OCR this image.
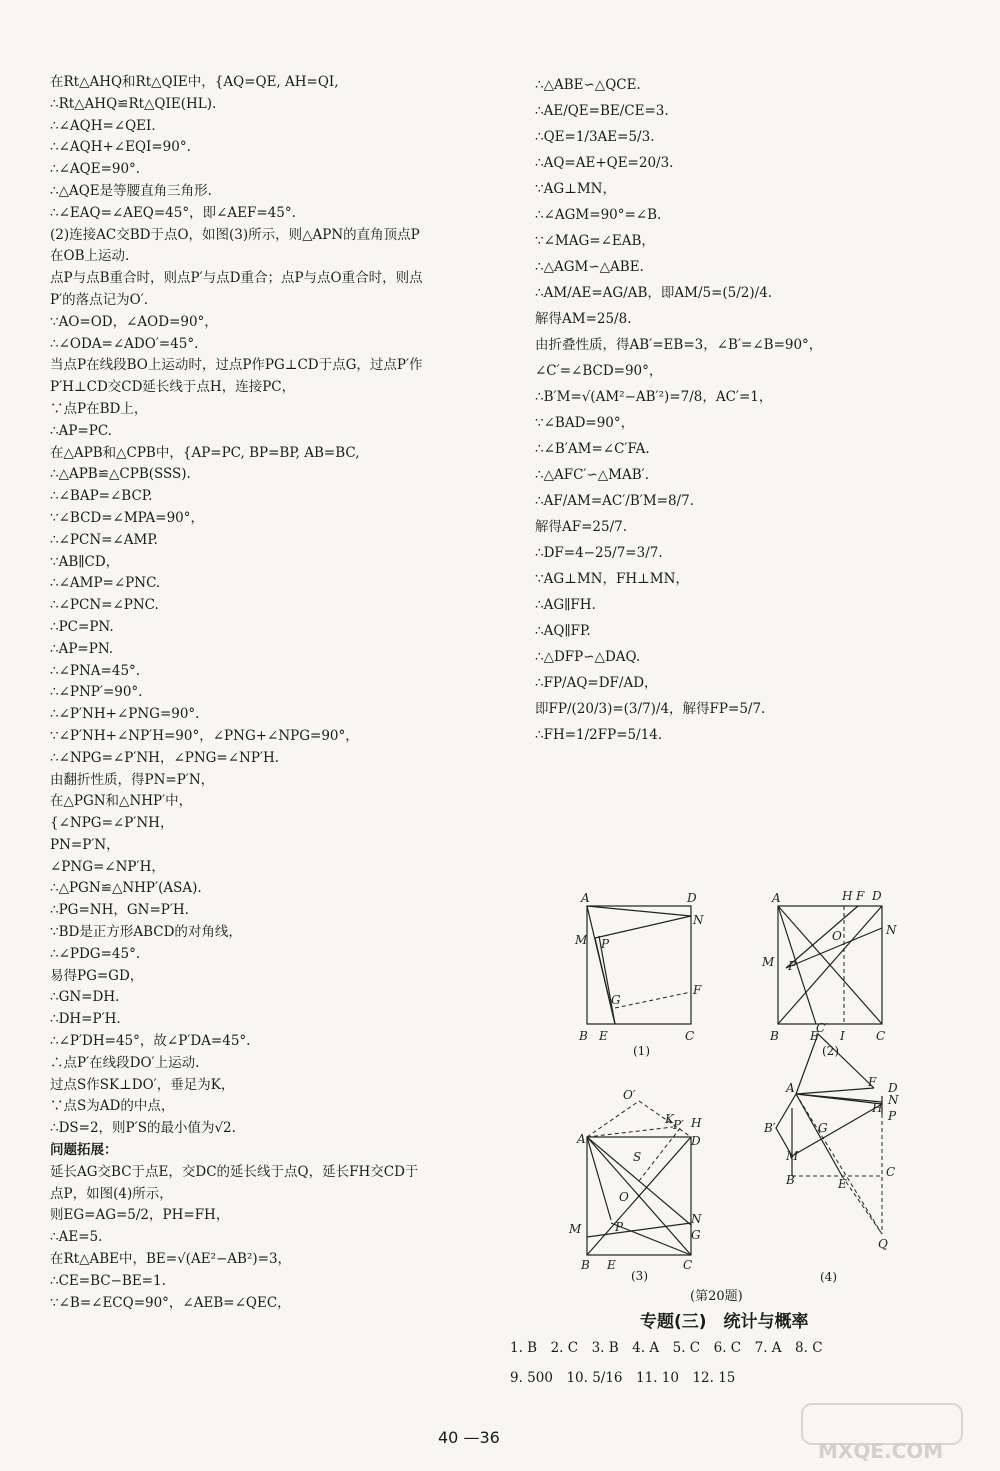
在Rt△AHQ和Rt△QIE中，{AQ=QE, AH=QI,
∴Rt△AHQ≌Rt△QIE(HL).
∴∠AQH=∠QEI.
∴∠AQH+∠EQI=90°.
∴∠AQE=90°.
∴△AQE是等腰直角三角形.
∴∠EAQ=∠AEQ=45°，即∠AEF=45°.
(2)连接AC交BD于点O，如图(3)所示，则△APN的直角顶点P
在OB上运动.
点P与点B重合时，则点P′与点D重合；点P与点O重合时，则点
P′的落点记为O′.
∵AO=OD，∠AOD=90°，
∴∠ODA=∠ADO′=45°.
当点P在线段BO上运动时，过点P作PG⊥CD于点G，过点P′作
P′H⊥CD交CD延长线于点H，连接PC，
∵点P在BD上，
∴AP=PC.
在△APB和△CPB中，{AP=PC, BP=BP, AB=BC,
∴△APB≌△CPB(SSS).
∴∠BAP=∠BCP.
∵∠BCD=∠MPA=90°，
∴∠PCN=∠AMP.
∵AB∥CD，
∴∠AMP=∠PNC.
∴∠PCN=∠PNC.
∴PC=PN.
∴AP=PN.
∴∠PNA=45°.
∴∠PNP′=90°.
∴∠P′NH+∠PNG=90°.
∵∠P′NH+∠NP′H=90°，∠PNG+∠NPG=90°，
∴∠NPG=∠P′NH，∠PNG=∠NP′H.
由翻折性质，得PN=P′N，
在△PGN和△NHP′中，
{∠NPG=∠P′NH，
PN=P′N，
∠PNG=∠NP′H，
∴△PGN≌△NHP′(ASA).
∴PG=NH，GN=P′H.
∵BD是正方形ABCD的对角线，
∴∠PDG=45°.
易得PG=GD，
∴GN=DH.
∴DH=P′H.
∴∠P′DH=45°，故∠P′DA=45°.
∴点P′在线段DO′上运动.
过点S作SK⊥DO′，垂足为K，
∵点S为AD的中点，
∴DS=2，则P′S的最小值为√2.
问题拓展：
延长AG交BC于点E，交DC的延长线于点Q，延长FH交CD于
点P，如图(4)所示，
则EG=AG=5/2，PH=FH，
∴AE=5.
在Rt△ABE中，BE=√(AE²−AB²)=3，
∴CE=BC−BE=1.
∵∠B=∠ECQ=90°，∠AEB=∠QEC，
∴△ABE∽△QCE.
∴AE/QE=BE/CE=3.
∴QE=1/3AE=5/3.
∴AQ=AE+QE=20/3.
∵AG⊥MN，
∴∠AGM=90°=∠B.
∵∠MAG=∠EAB，
∴△AGM∽△ABE.
∴AM/AE=AG/AB，即AM/5=(5/2)/4.
解得AM=25/8.
由折叠性质，得AB′=EB=3，∠B′=∠B=90°，
∠C′=∠BCD=90°，
∴B′M=√(AM²−AB′²)=7/8，AC′=1，
∵∠BAD=90°，
∴∠B′AM=∠C′FA.
∴△AFC′∽△MAB′.
∴AF/AM=AC′/B′M=8/7.
解得AF=25/7.
∴DF=4−25/7=3/7.
∵AG⊥MN，FH⊥MN，
∴AG∥FH.
∴AQ∥FP.
∴△DFP∽△DAQ.
∴FP/AQ=DF/AD，
即FP/(20/3)=(3/7)/4，解得FP=5/7.
∴FH=1/2FP=5/14.
A	D
N
M P
G
F
B E	C
(1)
A	H F D
N
O
M P
B	E I	C
(2)
O′
K P′ H
A	D
S
O
N
M	P
G
B E	C
(3)
C′
A	F D
N
H
P
B′	G
M
C
B	E
Q
(4)
(第20题)
专题(三)　统计与概率
1. B　2. C　3. B　4. A　5. C　6. C　7. A　8. C
9. 500　10. 5/16　11. 10　12. 15
40 —36
MXQE.COM
